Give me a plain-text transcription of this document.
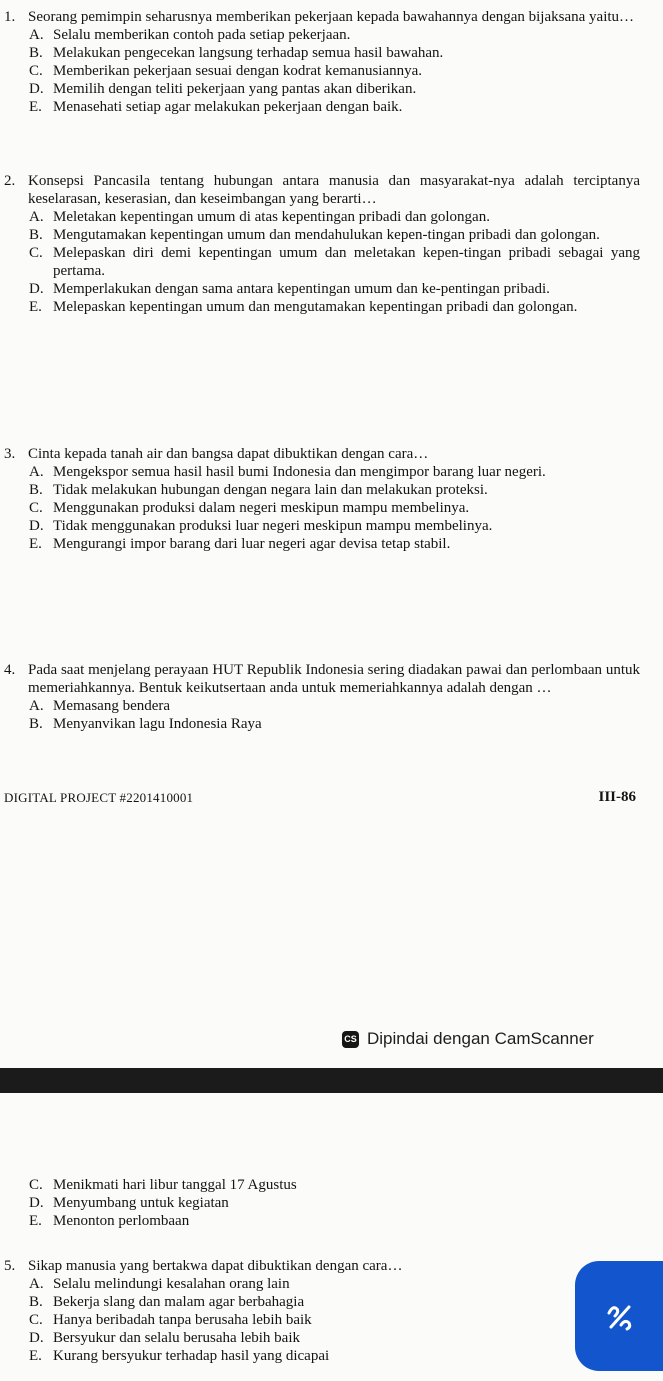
1. Seorang pemimpin seharusnya memberikan pekerjaan kepada bawahannya dengan bijaksana yaitu…
A. Selalu memberikan contoh pada setiap pekerjaan.
B. Melakukan pengecekan langsung terhadap semua hasil bawahan.
C. Memberikan pekerjaan sesuai dengan kodrat kemanusiannya.
D. Memilih dengan teliti pekerjaan yang pantas akan diberikan.
E. Menasehati setiap agar melakukan pekerjaan dengan baik.
2. Konsepsi Pancasila tentang hubungan antara manusia dan masyarakat-nya adalah terciptanya keselarasan, keserasian, dan keseimbangan yang berarti…
A. Meletakan kepentingan umum di atas kepentingan pribadi dan golongan.
B. Mengutamakan kepentingan umum dan mendahulukan kepen-tingan pribadi dan golongan.
C. Melepaskan diri demi kepentingan umum dan meletakan kepen-tingan pribadi sebagai yang pertama.
D. Memperlakukan dengan sama antara kepentingan umum dan ke-pentingan pribadi.
E. Melepaskan kepentingan umum dan mengutamakan kepentingan pribadi dan golongan.
3. Cinta kepada tanah air dan bangsa dapat dibuktikan dengan cara…
A. Mengekspor semua hasil hasil bumi Indonesia dan mengimpor barang luar negeri.
B. Tidak melakukan hubungan dengan negara lain dan melakukan proteksi.
C. Menggunakan produksi dalam negeri meskipun mampu membelinya.
D. Tidak menggunakan produksi luar negeri meskipun mampu membelinya.
E. Mengurangi impor barang dari luar negeri agar devisa tetap stabil.
4. Pada saat menjelang perayaan HUT Republik Indonesia sering diadakan pawai dan perlombaan untuk memeriahkannya. Bentuk keikutsertaan anda untuk memeriahkannya adalah dengan …
A. Memasang bendera
B. Menyanvikan lagu Indonesia Raya
DIGITAL PROJECT #2201410001	III-86
CS Dipindai dengan CamScanner
C. Menikmati hari libur tanggal 17 Agustus
D. Menyumbang untuk kegiatan
E. Menonton perlombaan
5. Sikap manusia yang bertakwa dapat dibuktikan dengan cara…
A. Selalu melindungi kesalahan orang lain
B. Bekerja slang dan malam agar berbahagia
C. Hanya beribadah tanpa berusaha lebih baik
D. Bersyukur dan selalu berusaha lebih baik
E. Kurang bersyukur terhadap hasil yang dicapai
